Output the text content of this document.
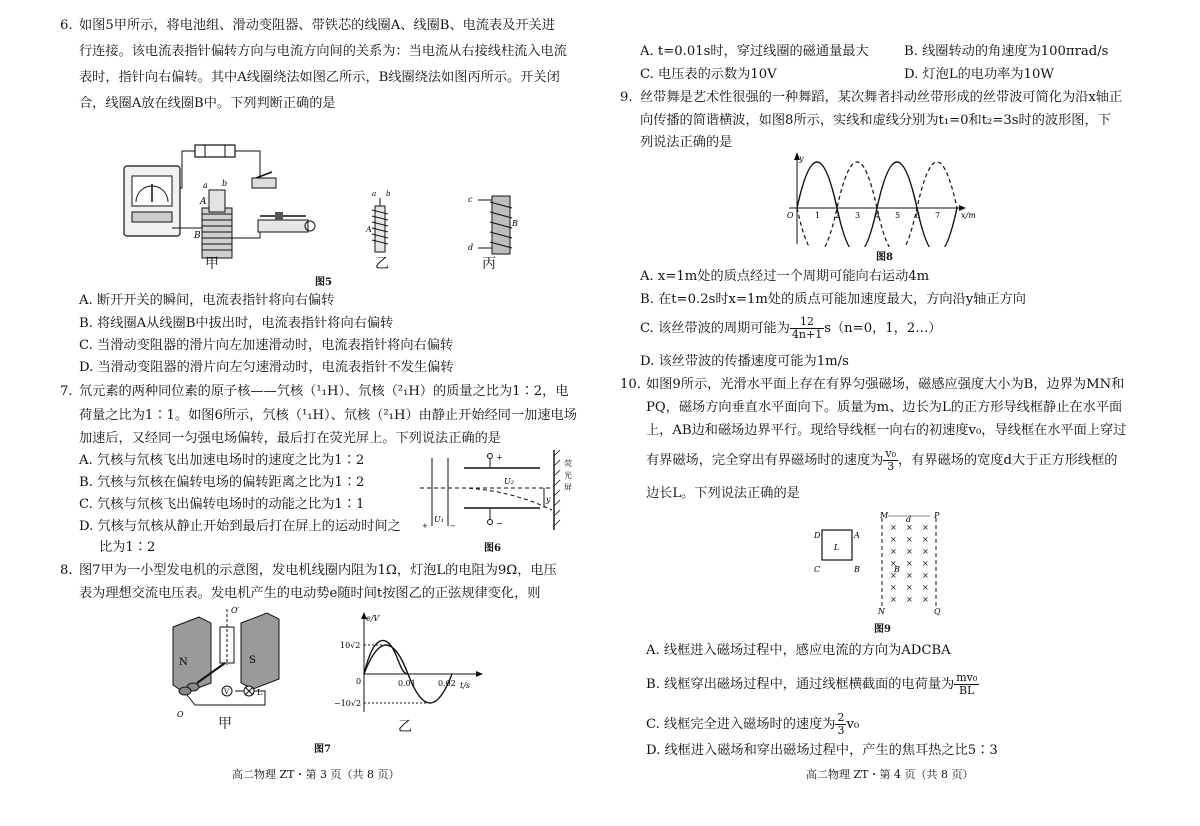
6. 如图5甲所示，将电池组、滑动变阻器、带铁芯的线圈A、线圈B、电流表及开关进
行连接。该电流表指针偏转方向与电流方向间的关系为：当电流从右接线柱流入电流
表时，指针向右偏转。其中A线圈绕法如图乙所示，B线圈绕法如图丙所示。开关闭
合，线圈A放在线圈B中。下列判断正确的是
a b
A
B
a b
A
c
d
B
甲	乙	丙
图5
A. 断开开关的瞬间，电流表指针将向右偏转
B. 将线圈A从线圈B中拔出时，电流表指针将向右偏转
C. 当滑动变阻器的滑片向左加速滑动时，电流表指针将向右偏转
D. 当滑动变阻器的滑片向左匀速滑动时，电流表指针不发生偏转
7. 氘元素的两种同位素的原子核——氕核（¹₁H）、氘核（²₁H）的质量之比为1∶2，电
荷量之比为1∶1。如图6所示，氕核（¹₁H）、氘核（²₁H）由静止开始经同一加速电场
加速后，又经同一匀强电场偏转，最后打在荧光屏上。下列说法正确的是
A. 氕核与氘核飞出加速电场时的速度之比为1∶2
B. 氕核与氘核在偏转电场的偏转距离之比为1∶2
C. 氕核与氘核飞出偏转电场时的动能之比为1∶1
D. 氕核与氘核从静止开始到最后打在屏上的运动时间之
比为1∶2
+
−
U₂
U₁
+	−
y
荧
光
屏
图6
8. 图7甲为一小型发电机的示意图，发电机线圈内阻为1Ω，灯泡L的电阻为9Ω，电压
表为理想交流电压表。发电机产生的电动势e随时间t按图乙的正弦规律变化，则
N	S
O′
O
V	L
e/V
t/s
10√2
−10√2
0	0.01	0.02
甲	乙
图7
高二物理 ZT・第 3 页（共 8 页）
A. t=0.01s时，穿过线圈的磁通量最大	B. 线圈转动的角速度为100πrad/s
C. 电压表的示数为10V	D. 灯泡L的电功率为10W
9. 丝带舞是艺术性很强的一种舞蹈，某次舞者抖动丝带形成的丝带波可简化为沿x轴正
向传播的简谐横波，如图8所示，实线和虚线分别为t₁=0和t₂=3s时的波形图，下
列说法正确的是
y
O	x/m
1 2 3 4 5 6 7
图8
A. x=1m处的质点经过一个周期可能向右运动4m
B. 在t=0.2s时x=1m处的质点可能加速度最大，方向沿y轴正方向
C. 该丝带波的周期可能为 $\frac{12}{4n+1} s(n=0$，1，2…）
D. 该丝带波的传播速度可能为1m/s
10. 如图9所示，光滑水平面上存在有界匀强磁场，磁感应强度大小为B，边界为MN和
PQ，磁场方向垂直水平面向下。质量为m、边长为L的正方形导线框静止在水平面
上，AB边和磁场边界平行。现给导线框一向右的初速度v₀，导线框在水平面上穿过
有界磁场，完全穿出有界磁场时的速度为 $\frac{\text{v₀}}{3}$ ，有界磁场的宽度d大于正方形线框的
边长L。下列说法正确的是
M
N
P
Q
d
D	A
C	B
L
B
× × ×
× × ×
× × ×
× × ×
× × ×
× × ×
× × ×
图9
A. 线框进入磁场过程中，感应电流的方向为ADCBA
B. 线框穿出磁场过程中，通过线框横截面的电荷量为 $\frac{\text{mv₀}}{BL}$
C. 线框完全进入磁场时的速度为 $\frac{2}{3} v_0$
D. 线框进入磁场和穿出磁场过程中，产生的焦耳热之比5∶3
高二物理 ZT・第 4 页（共 8 页）
